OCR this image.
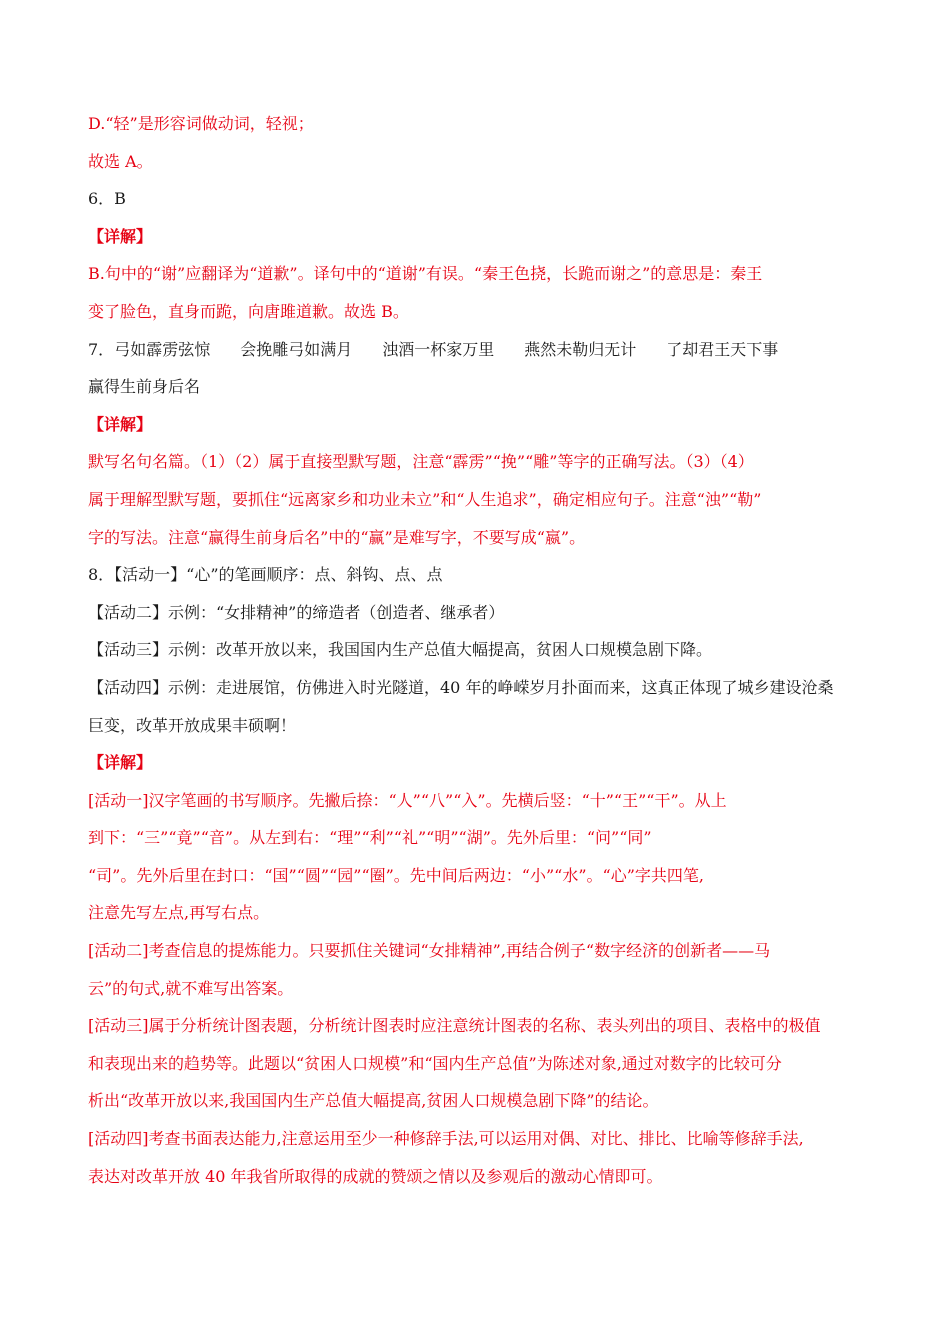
D.“轻”是形容词做动词，轻视；
故选 A。
6．B
【详解】
B.句中的“谢”应翻译为“道歉”。译句中的“道谢”有误。“秦王色挠，长跪而谢之”的意思是：秦王
变了脸色，直身而跪，向唐雎道歉。故选 B。
7．弓如霹雳弦惊 会挽雕弓如满月 浊酒一杯家万里 燕然未勒归无计 了却君王天下事
赢得生前身后名
【详解】
默写名句名篇。（1）（2）属于直接型默写题，注意“霹雳”“挽”“雕”等字的正确写法。（3）（4）
属于理解型默写题，要抓住“远离家乡和功业未立”和“人生追求”，确定相应句子。注意“浊”“勒”
字的写法。注意“赢得生前身后名”中的“赢”是难写字，不要写成“嬴”。
8．【活动一】“心”的笔画顺序：点、斜钩、点、点
【活动二】示例：“女排精神”的缔造者（创造者、继承者）
【活动三】示例：改革开放以来，我国国内生产总值大幅提高，贫困人口规模急剧下降。
【活动四】示例：走进展馆，仿佛进入时光隧道，40 年的峥嵘岁月扑面而来，这真正体现了城乡建设沧桑
巨变，改革开放成果丰硕啊！
【详解】
[活动一]汉字笔画的书写顺序。先撇后捺：“人”“八”“入”。先横后竖：“十”“王”“干”。从上
到下：“三”“竟”“音”。从左到右：“理”“利”“礼”“明”“湖”。先外后里：“问”“同”
“司”。先外后里在封口：“国”“圆”“园”“圈”。先中间后两边：“小”“水”。“心”字共四笔,
注意先写左点,再写右点。
[活动二]考查信息的提炼能力。只要抓住关键词“女排精神”,再结合例子“数字经济的创新者——马
云”的句式,就不难写出答案。
[活动三]属于分析统计图表题，分析统计图表时应注意统计图表的名称、表头列出的项目、表格中的极值
和表现出来的趋势等。此题以“贫困人口规模”和“国内生产总值”为陈述对象,通过对数字的比较可分
析出“改革开放以来,我国国内生产总值大幅提高,贫困人口规模急剧下降”的结论。
[活动四]考查书面表达能力,注意运用至少一种修辞手法,可以运用对偶、对比、排比、比喻等修辞手法,
表达对改革开放 40 年我省所取得的成就的赞颂之情以及参观后的激动心情即可。
